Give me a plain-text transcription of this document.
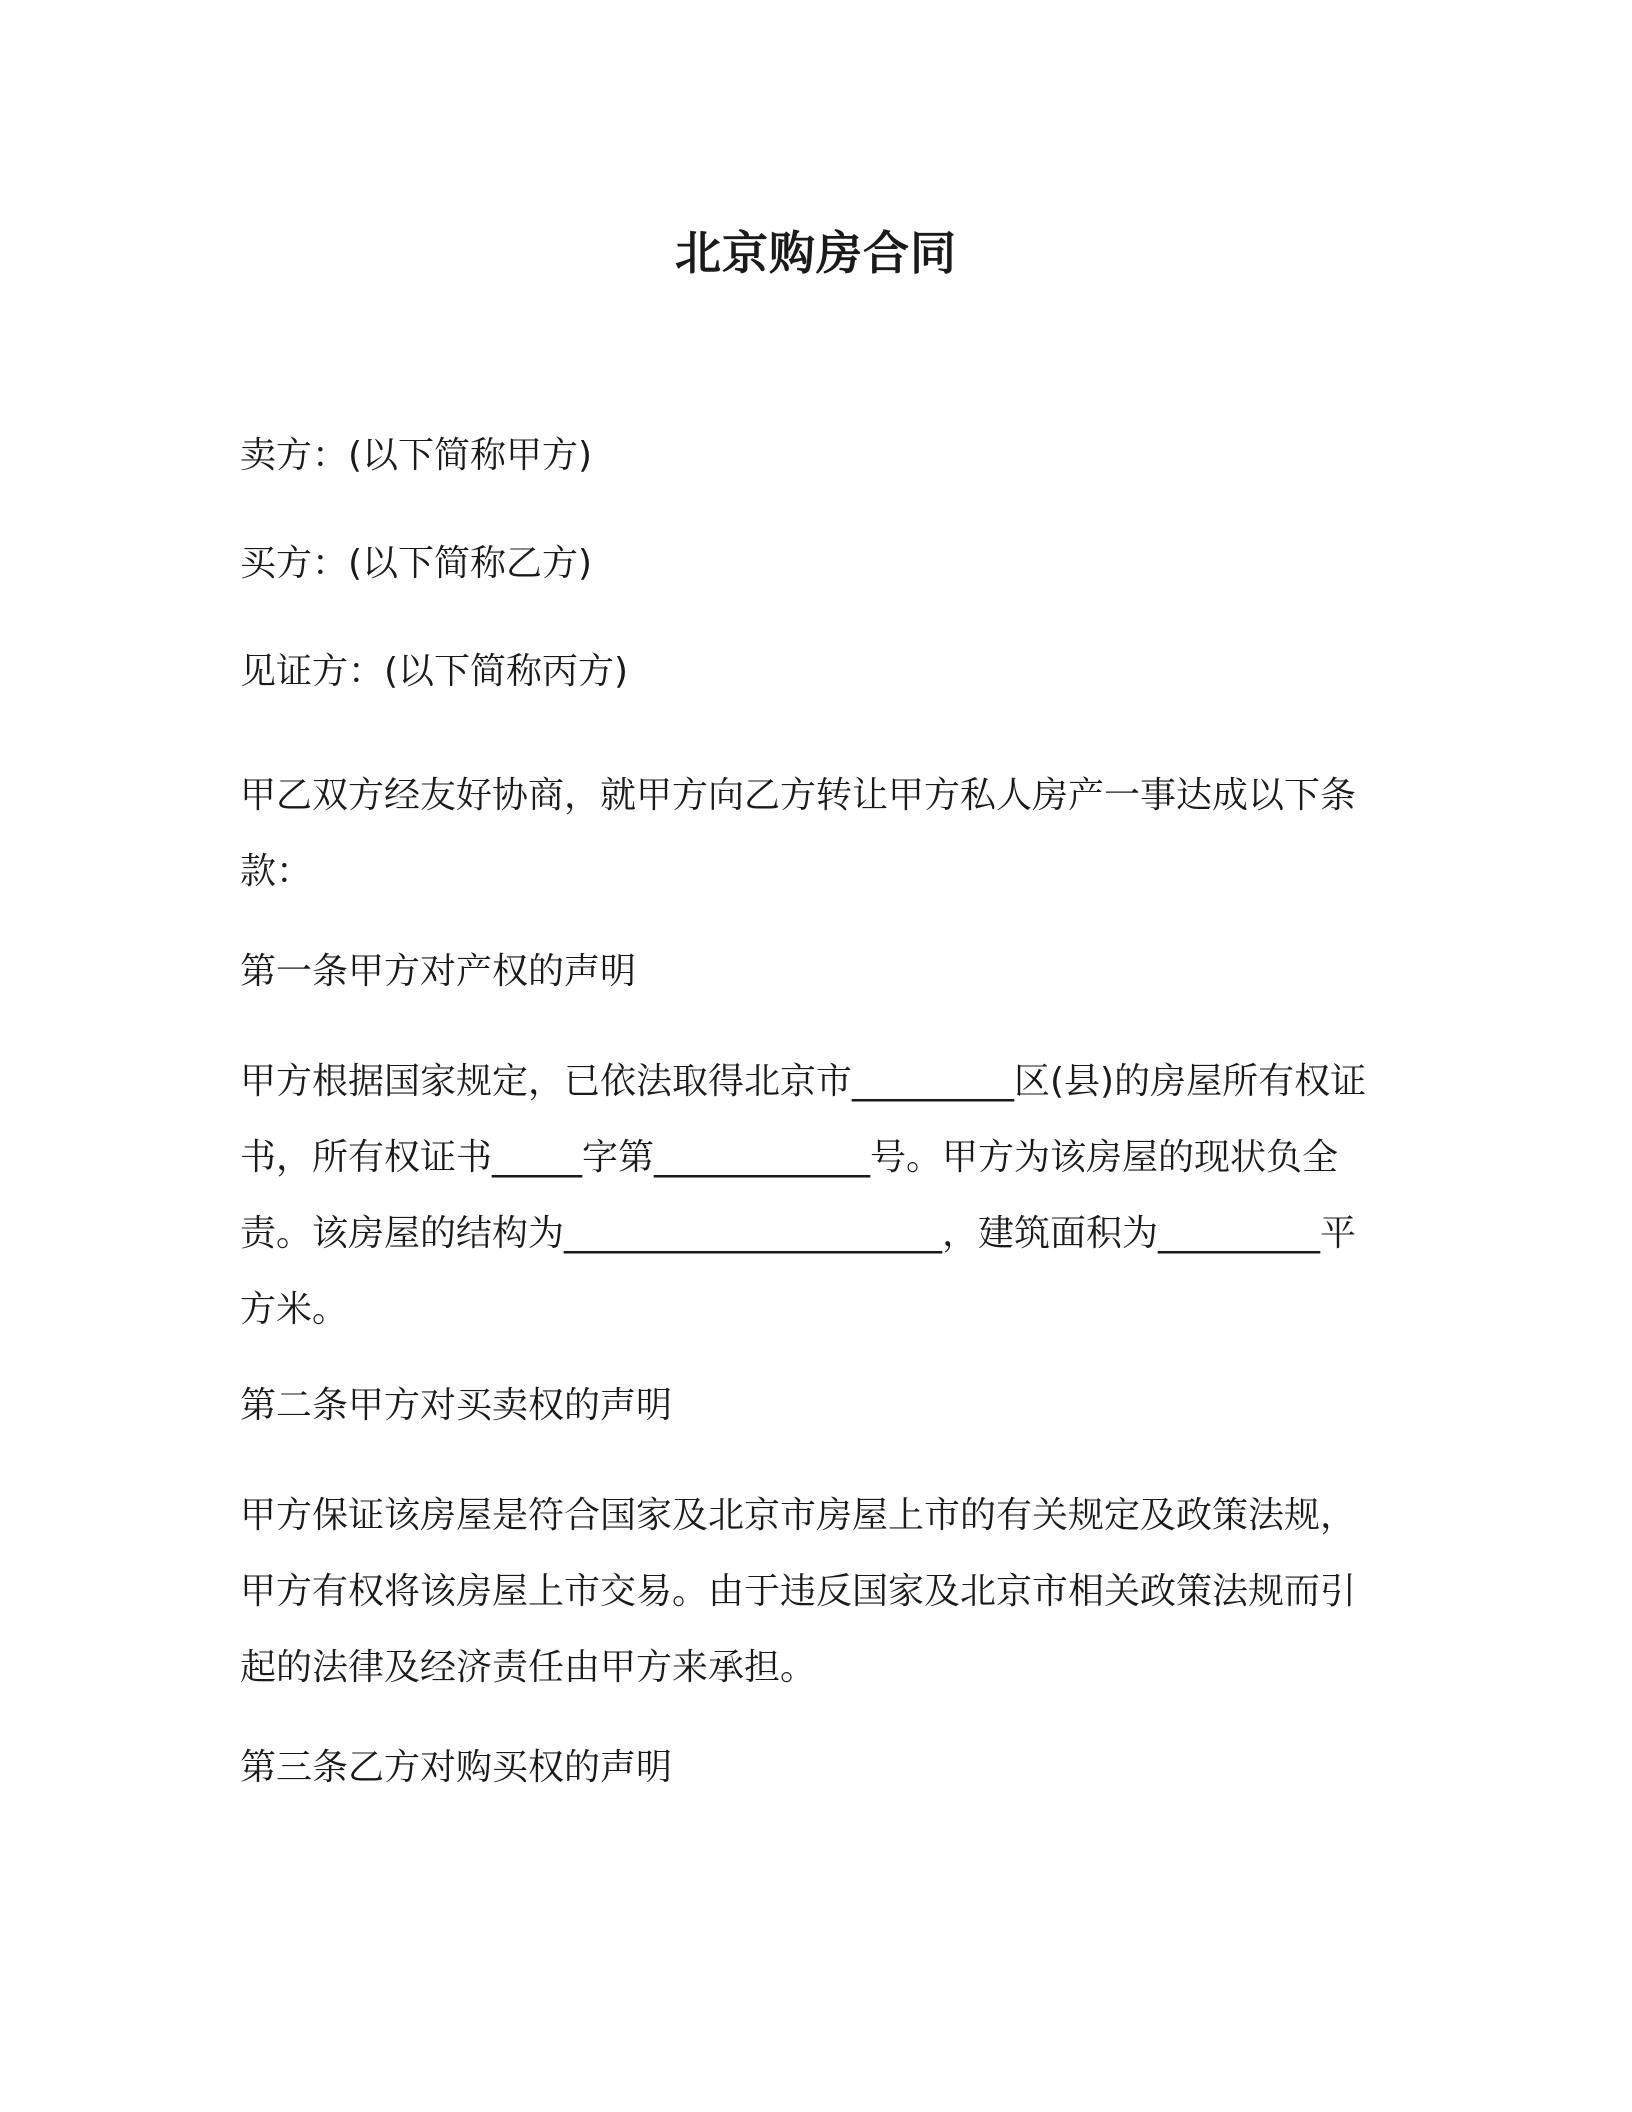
北京购房合同

卖方：(以下简称甲方)

买方：(以下简称乙方)

见证方：(以下简称丙方)

甲乙双方经友好协商，就甲方向乙方转让甲方私人房产一事达成以下条款：

第一条甲方对产权的声明

甲方根据国家规定，已依法取得北京市_________区(县)的房屋所有权证书，所有权证书_____字第____________号。甲方为该房屋的现状负全责。该房屋的结构为_____________________，建筑面积为_________平方米。

第二条甲方对买卖权的声明

甲方保证该房屋是符合国家及北京市房屋上市的有关规定及政策法规，甲方有权将该房屋上市交易。由于违反国家及北京市相关政策法规而引起的法律及经济责任由甲方来承担。

第三条乙方对购买权的声明
